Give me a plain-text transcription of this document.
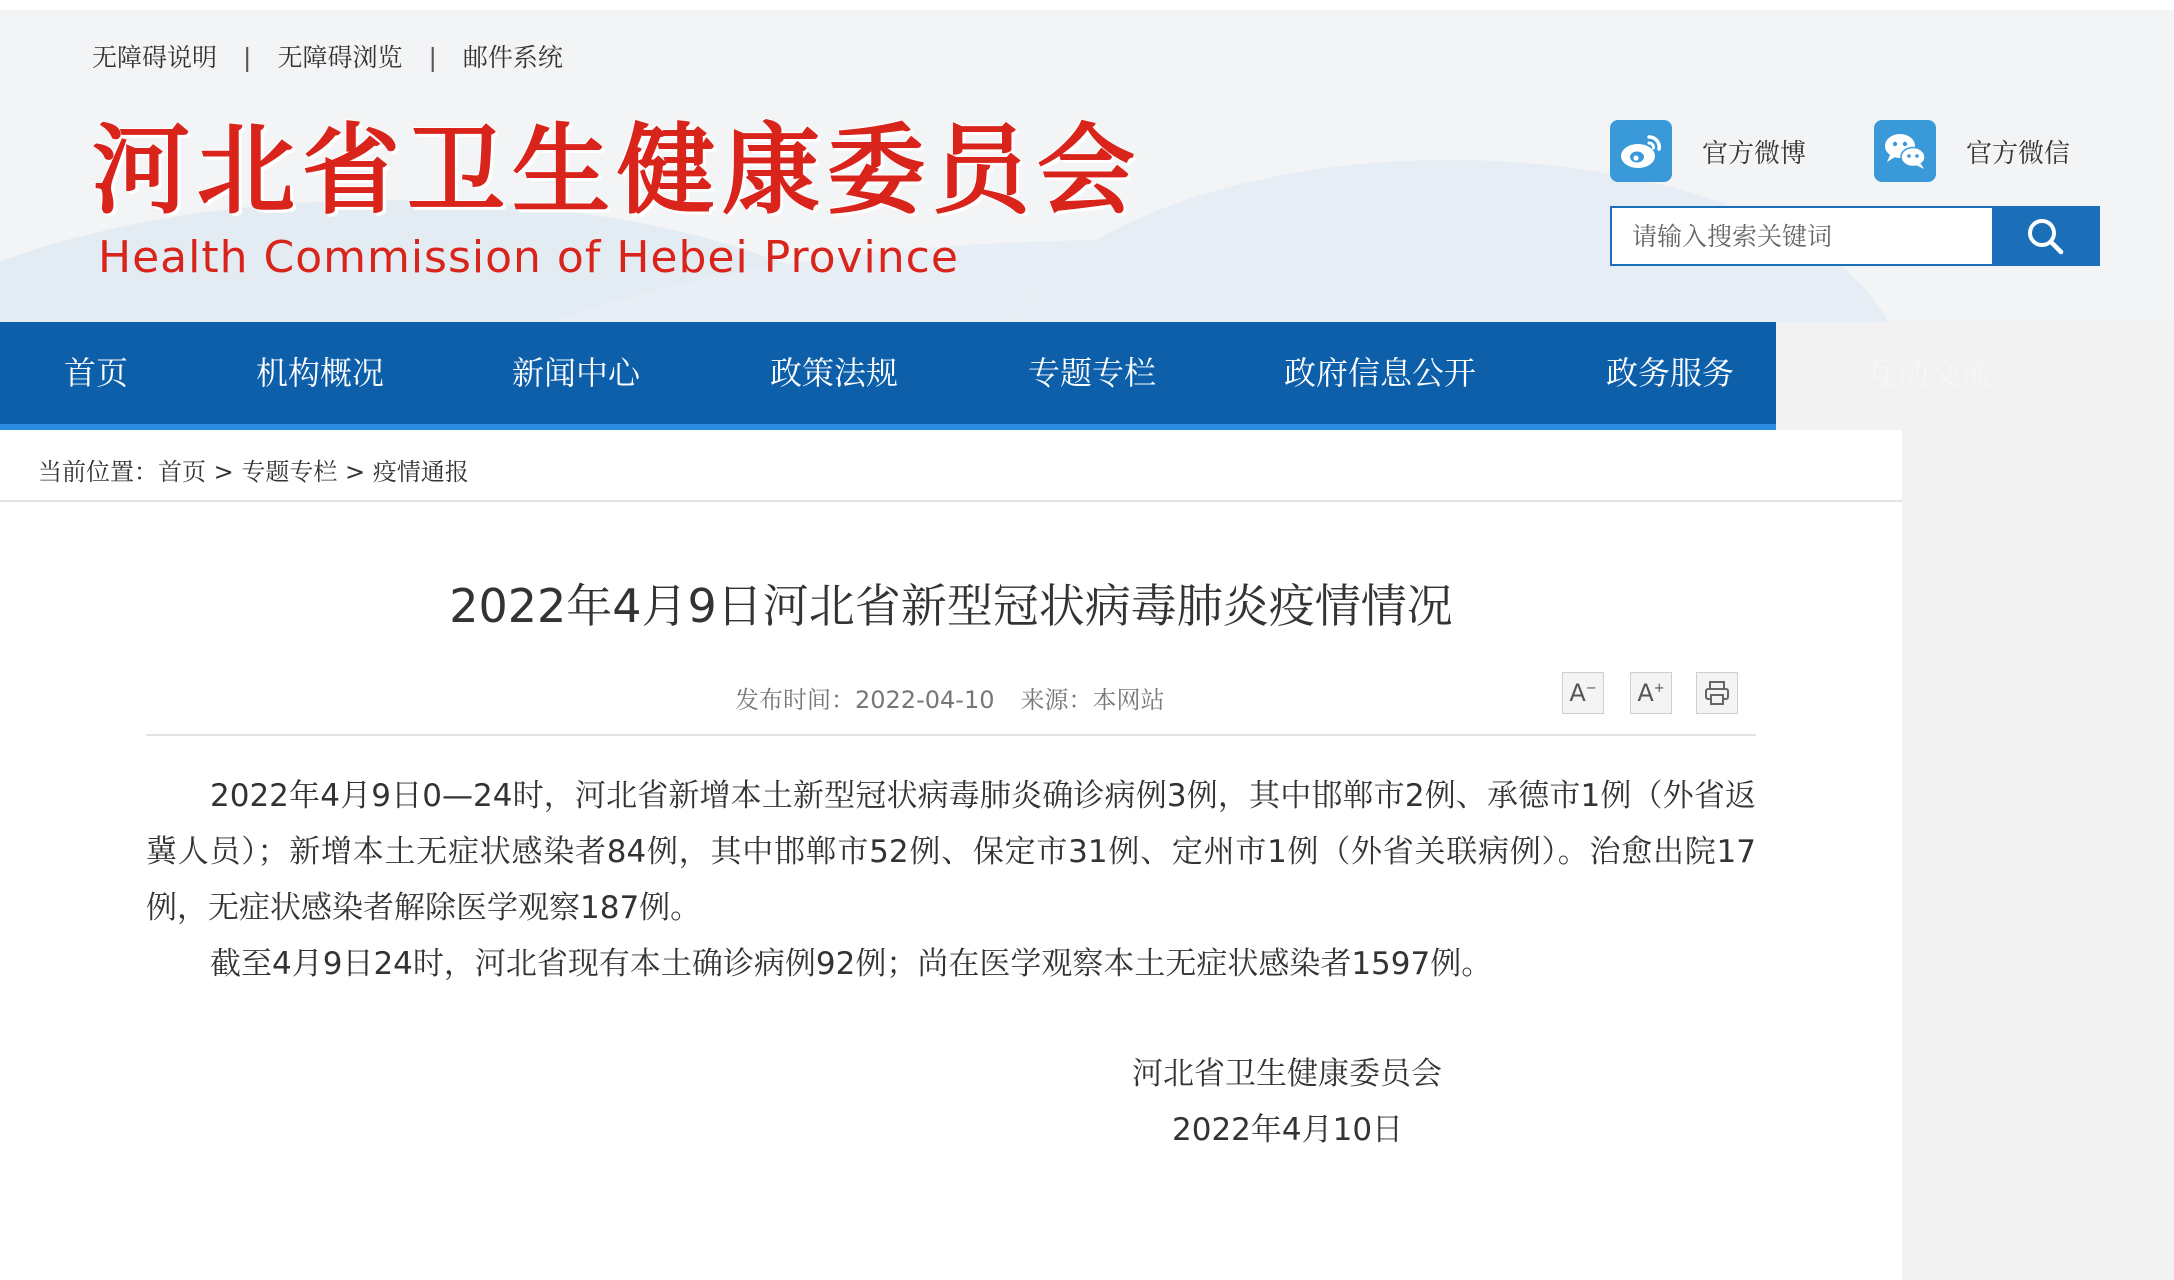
无障碍说明 | 无障碍浏览 | 邮件系统
河北省卫生健康委员会
Health Commission of Hebei Province
官方微博	官方微信
请输入搜索关键词
首页	机构概况	新闻中心	政策法规	专题专栏	政府信息公开	政务服务	互动交流
当前位置：首页 > 专题专栏 > 疫情通报
2022年4月9日河北省新型冠状病毒肺炎疫情情况
发布时间：2022-04-10 来源：本网站	A− A+

2022年4月9日0—24时，河北省新增本土新型冠状病毒肺炎确诊病例3例，其中邯郸市2例、承德市1例（外省返冀人员）；新增本土无症状感染者84例，其中邯郸市52例、保定市31例、定州市1例（外省关联病例）。治愈出院17例，无症状感染者解除医学观察187例。

截至4月9日24时，河北省现有本土确诊病例92例；尚在医学观察本土无症状感染者1597例。

河北省卫生健康委员会
2022年4月10日
